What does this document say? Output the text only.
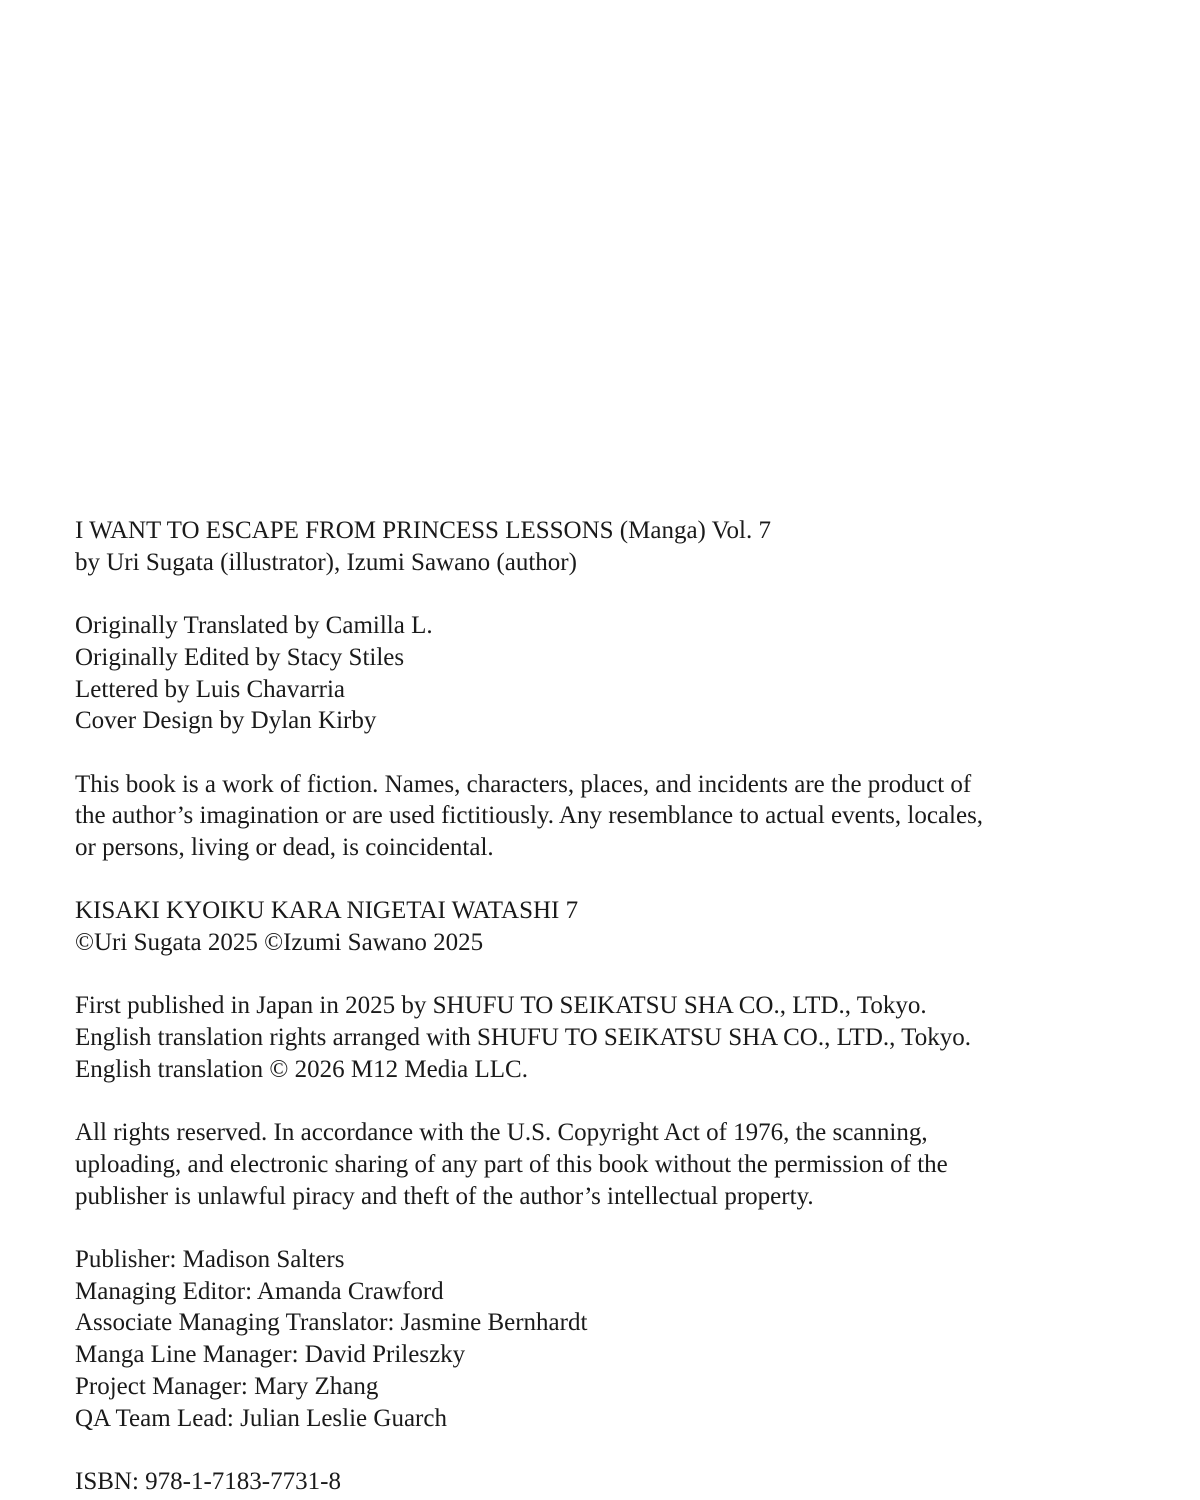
I WANT TO ESCAPE FROM PRINCESS LESSONS (Manga) Vol. 7
by Uri Sugata (illustrator), Izumi Sawano (author)
Originally Translated by Camilla L.
Originally Edited by Stacy Stiles
Lettered by Luis Chavarria
Cover Design by Dylan Kirby
This book is a work of fiction. Names, characters, places, and incidents are the product of
the author’s imagination or are used fictitiously. Any resemblance to actual events, locales,
or persons, living or dead, is coincidental.
KISAKI KYOIKU KARA NIGETAI WATASHI 7
©Uri Sugata 2025 ©Izumi Sawano 2025
First published in Japan in 2025 by SHUFU TO SEIKATSU SHA CO., LTD., Tokyo.
English translation rights arranged with SHUFU TO SEIKATSU SHA CO., LTD., Tokyo.
English translation © 2026 M12 Media LLC.
All rights reserved. In accordance with the U.S. Copyright Act of 1976, the scanning,
uploading, and electronic sharing of any part of this book without the permission of the
publisher is unlawful piracy and theft of the author’s intellectual property.
Publisher: Madison Salters
Managing Editor: Amanda Crawford
Associate Managing Translator: Jasmine Bernhardt
Manga Line Manager: David Prileszky
Project Manager: Mary Zhang
QA Team Lead: Julian Leslie Guarch
ISBN: 978-1-7183-7731-8
